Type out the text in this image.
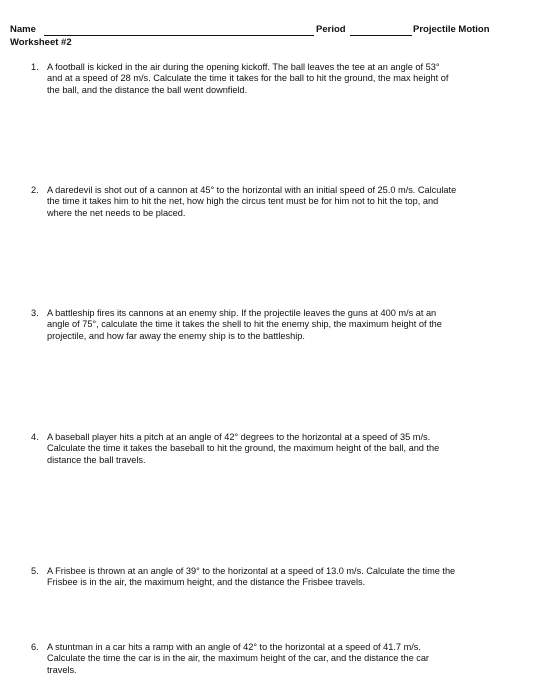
Name	Period	Projectile Motion
Worksheet #2
1. A football is kicked in the air during the opening kickoff. The ball leaves the tee at an angle of 53°
and at a speed of 28 m/s. Calculate the time it takes for the ball to hit the ground, the max height of
the ball, and the distance the ball went downfield.
2. A daredevil is shot out of a cannon at 45° to the horizontal with an initial speed of 25.0 m/s. Calculate
the time it takes him to hit the net, how high the circus tent must be for him not to hit the top, and
where the net needs to be placed.
3. A battleship fires its cannons at an enemy ship. If the projectile leaves the guns at 400 m/s at an
angle of 75°, calculate the time it takes the shell to hit the enemy ship, the maximum height of the
projectile, and how far away the enemy ship is to the battleship.
4. A baseball player hits a pitch at an angle of 42° degrees to the horizontal at a speed of 35 m/s.
Calculate the time it takes the baseball to hit the ground, the maximum height of the ball, and the
distance the ball travels.
5. A Frisbee is thrown at an angle of 39° to the horizontal at a speed of 13.0 m/s. Calculate the time the
Frisbee is in the air, the maximum height, and the distance the Frisbee travels.
6. A stuntman in a car hits a ramp with an angle of 42° to the horizontal at a speed of 41.7 m/s.
Calculate the time the car is in the air, the maximum height of the car, and the distance the car
travels.
